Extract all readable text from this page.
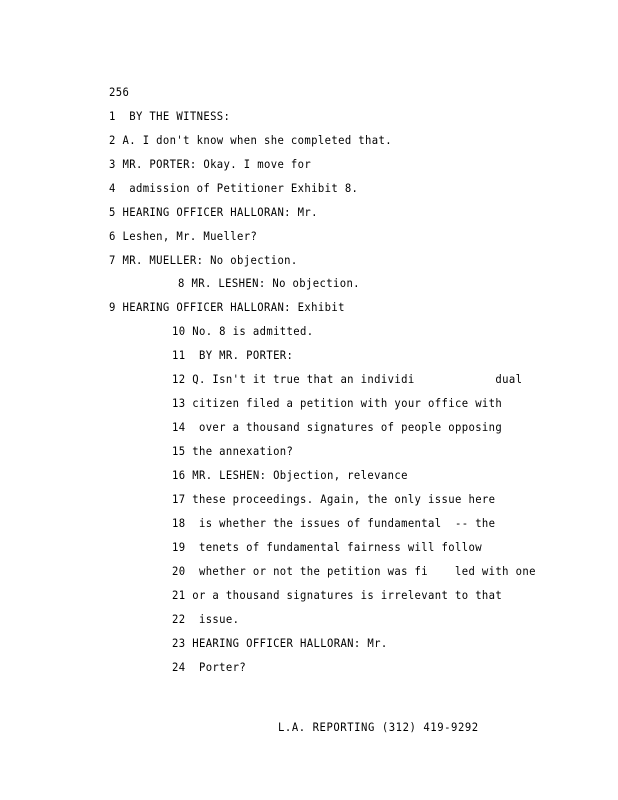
256
1  BY THE WITNESS:
2 A. I don't know when she completed that.
3 MR. PORTER: Okay. I move for
4  admission of Petitioner Exhibit 8.
5 HEARING OFFICER HALLORAN: Mr.
6 Leshen, Mr. Mueller?
7 MR. MUELLER: No objection.
8 MR. LESHEN: No objection.
9 HEARING OFFICER HALLORAN: Exhibit
10 No. 8 is admitted.
11  BY MR. PORTER:
12 Q. Isn't it true that an individi            dual
13 citizen filed a petition with your office with
14  over a thousand signatures of people opposing
15 the annexation?
16 MR. LESHEN: Objection, relevance
17 these proceedings. Again, the only issue here
18  is whether the issues of fundamental  -- the
19  tenets of fundamental fairness will follow
20  whether or not the petition was fi    led with one
21 or a thousand signatures is irrelevant to that
22  issue.
23 HEARING OFFICER HALLORAN: Mr.
24  Porter?
L.A. REPORTING (312) 419-9292
